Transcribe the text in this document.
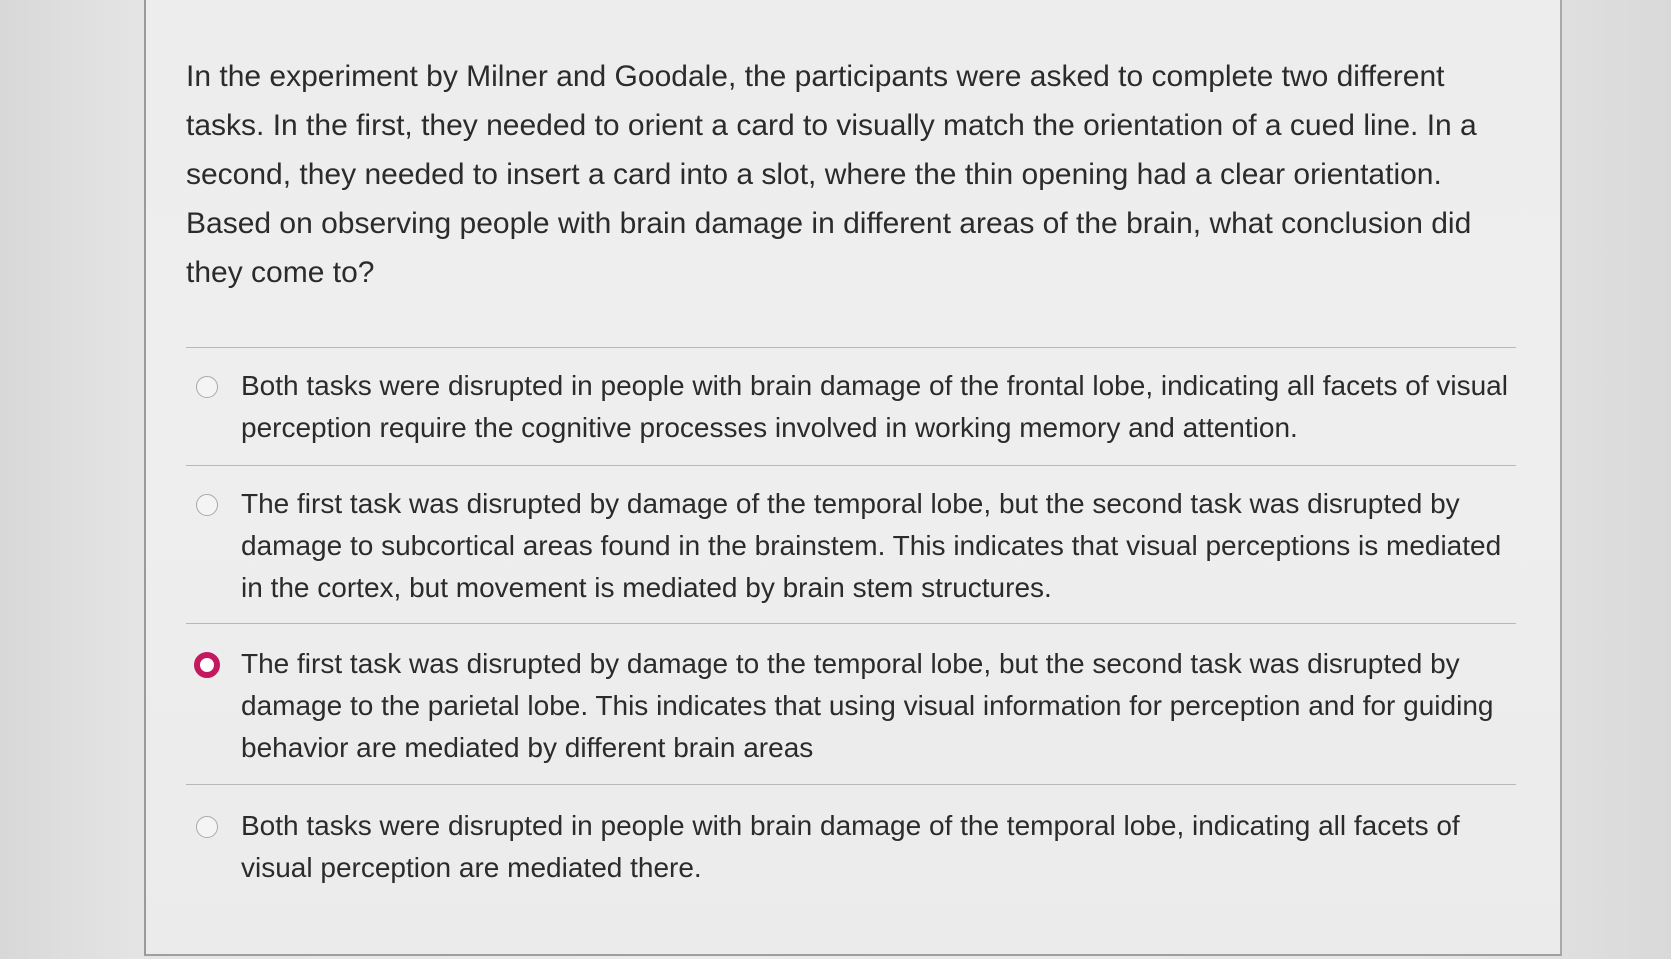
In the experiment by Milner and Goodale, the participants were asked to complete two different tasks. In the first, they needed to orient a card to visually match the orientation of a cued line. In a second, they needed to insert a card into a slot, where the thin opening had a clear orientation. Based on observing people with brain damage in different areas of the brain, what conclusion did they come to?

Both tasks were disrupted in people with brain damage of the frontal lobe, indicating all facets of visual perception require the cognitive processes involved in working memory and attention.
The first task was disrupted by damage of the temporal lobe, but the second task was disrupted by damage to subcortical areas found in the brainstem. This indicates that visual perceptions is mediated in the cortex, but movement is mediated by brain stem structures.
The first task was disrupted by damage to the temporal lobe, but the second task was disrupted by damage to the parietal lobe. This indicates that using visual information for perception and for guiding behavior are mediated by different brain areas
Both tasks were disrupted in people with brain damage of the temporal lobe, indicating all facets of visual perception are mediated there.
